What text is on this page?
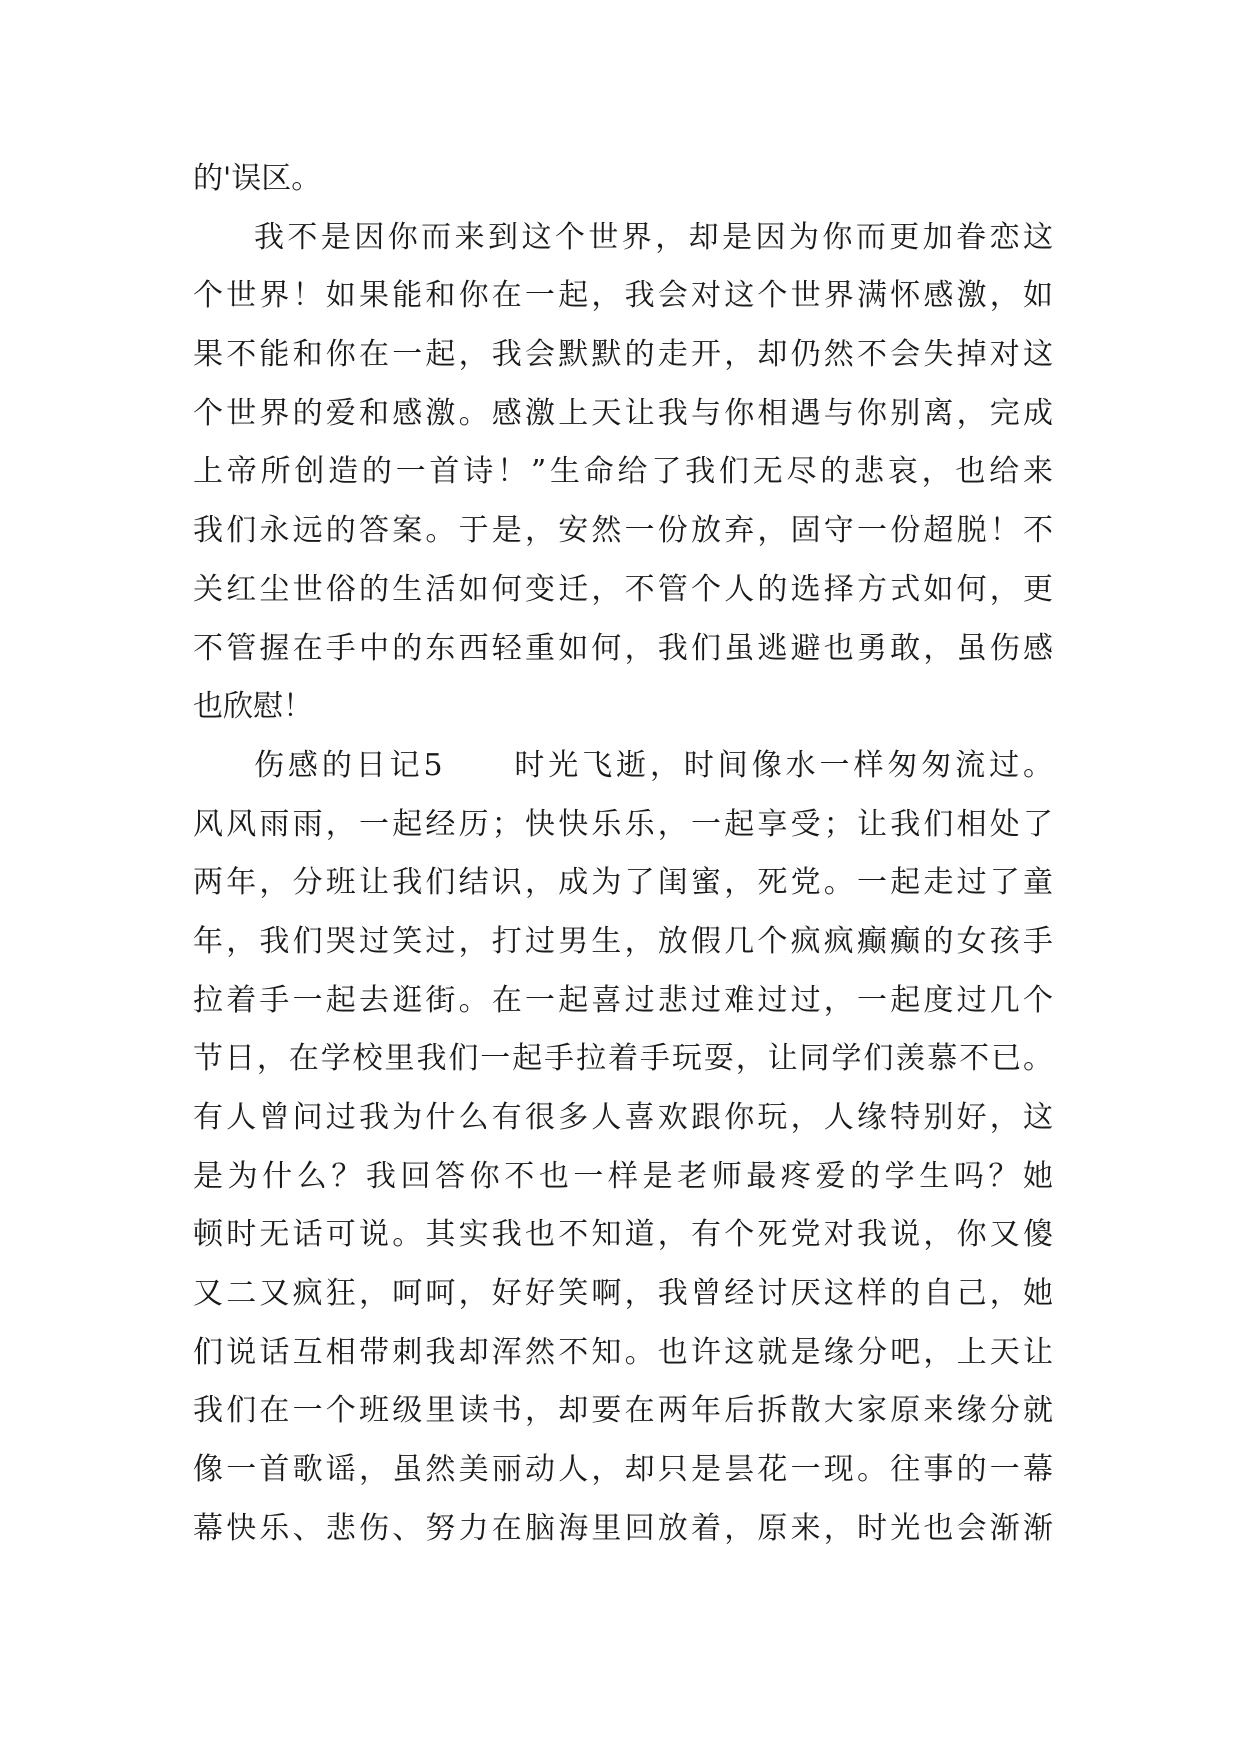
的'误区。
我不是因你而来到这个世界，却是因为你而更加眷恋这
个世界！如果能和你在一起，我会对这个世界满怀感激，如
果不能和你在一起，我会默默的走开，却仍然不会失掉对这
个世界的爱和感激。感激上天让我与你相遇与你别离，完成
上帝所创造的一首诗！”生命给了我们无尽的悲哀，也给来
我们永远的答案。于是，安然一份放弃，固守一份超脱！不
关红尘世俗的生活如何变迁，不管个人的选择方式如何，更
不管握在手中的东西轻重如何，我们虽逃避也勇敢，虽伤感
也欣慰！
伤感的日记5　　时光飞逝，时间像水一样匆匆流过。
风风雨雨，一起经历；快快乐乐，一起享受；让我们相处了
两年，分班让我们结识，成为了闺蜜，死党。一起走过了童
年，我们哭过笑过，打过男生，放假几个疯疯癫癫的女孩手
拉着手一起去逛街。在一起喜过悲过难过过，一起度过几个
节日，在学校里我们一起手拉着手玩耍，让同学们羡慕不已。
有人曾问过我为什么有很多人喜欢跟你玩，人缘特别好，这
是为什么？我回答你不也一样是老师最疼爱的学生吗？她
顿时无话可说。其实我也不知道，有个死党对我说，你又傻
又二又疯狂，呵呵，好好笑啊，我曾经讨厌这样的自己，她
们说话互相带刺我却浑然不知。也许这就是缘分吧，上天让
我们在一个班级里读书，却要在两年后拆散大家原来缘分就
像一首歌谣，虽然美丽动人，却只是昙花一现。往事的一幕
幕快乐、悲伤、努力在脑海里回放着，原来，时光也会渐渐
